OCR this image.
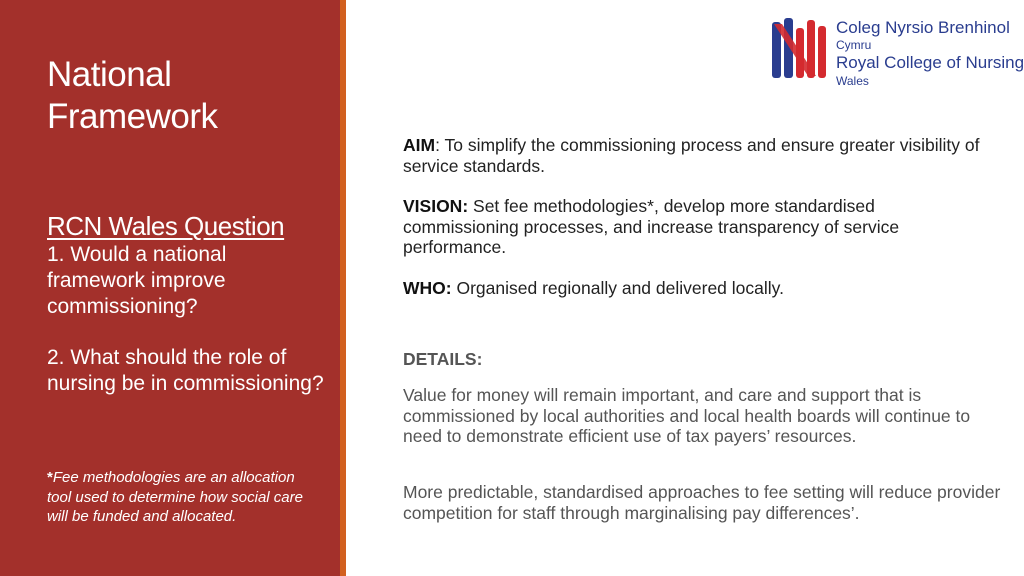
National Framework
RCN Wales Question
1. Would a national framework improve commissioning?
2. What should the role of nursing be in commissioning?
*Fee methodologies are an allocation tool used to determine how social care will be funded and allocated.
Coleg Nyrsio Brenhinol
Cymru
Royal College of Nursing
Wales
AIM: To simplify the commissioning process and ensure greater visibility of service standards.
VISION: Set fee methodologies*, develop more standardised commissioning processes, and increase transparency of service performance.
WHO: Organised regionally and delivered locally.
DETAILS:
Value for money will remain important, and care and support that is commissioned by local authorities and local health boards will continue to need to demonstrate efficient use of tax payers’ resources.
More predictable, standardised approaches to fee setting will reduce provider competition for staff through marginalising pay differences’.
